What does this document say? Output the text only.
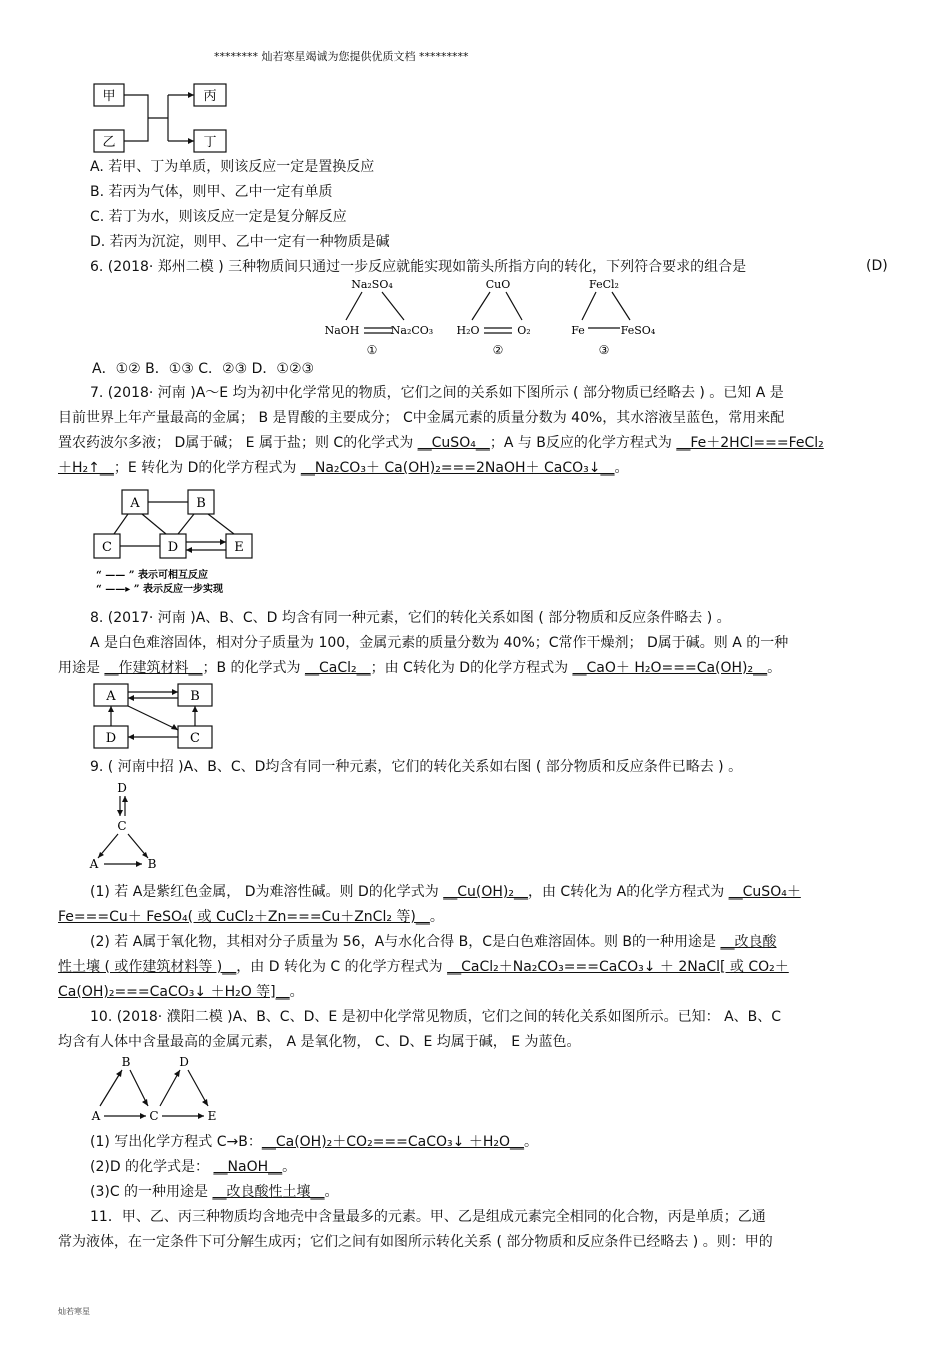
******** 灿若寒星竭诚为您提供优质文档 *********
甲
乙
丙
丁
A. 若甲、丁为单质，则该反应一定是置换反应
B. 若丙为气体，则甲、乙中一定有单质
C. 若丁为水，则该反应一定是复分解反应
D. 若丙为沉淀，则甲、乙中一定有一种物质是碱
6. (2018· 郑州二模 ) 三种物质间只通过一步反应就能实现如箭头所指方向的转化，下列符合要求的组合是	(D)
Na₂SO₄
NaOH	Na₂CO₃
①
CuO
H₂O	O₂
②
FeCl₂
Fe	FeSO₄
③
A．①② B．①③ C．②③ D．①②③
7. (2018· 河南 )A～E 均为初中化学常见的物质，它们之间的关系如下图所示 ( 部分物质已经略去 ) 。已知 A 是
目前世界上年产量最高的金属； B 是胃酸的主要成分； C中金属元素的质量分数为 40%，其水溶液呈蓝色，常用来配
置农药波尔多液； D属于碱； E 属于盐；则 C的化学式为 __CuSO₄__；A 与 B反应的化学方程式为 __Fe＋2HCl===FeCl₂
＋H₂↑__；E 转化为 D的化学方程式为 __Na₂CO₃＋ Ca(OH)₂===2NaOH＋ CaCO₃↓__。
A	B
C	D	E
“ —— ” 表示可相互反应
“ ——▸ ” 表示反应一步实现
8. (2017· 河南 )A、B、C、D 均含有同一种元素，它们的转化关系如图 ( 部分物质和反应条件略去 ) 。
A 是白色难溶固体，相对分子质量为 100，金属元素的质量分数为 40%；C常作干燥剂； D属于碱。则 A 的一种
用途是 __作建筑材料__；B 的化学式为 __CaCl₂__；由 C转化为 D的化学方程式为 __CaO＋ H₂O===Ca(OH)₂__。
A	B
D	C
9. ( 河南中招 )A、B、C、D均含有同一种元素，它们的转化关系如右图 ( 部分物质和反应条件已略去 ) 。
D
C
A	B
(1) 若 A是紫红色金属， D为难溶性碱。则 D的化学式为 __Cu(OH)₂__，由 C转化为 A的化学方程式为 __CuSO₄＋
Fe===Cu＋ FeSO₄( 或 CuCl₂＋Zn===Cu＋ZnCl₂ 等)__。
(2) 若 A属于氧化物，其相对分子质量为 56，A与水化合得 B，C是白色难溶固体。则 B的一种用途是 __改良酸
性土壤 ( 或作建筑材料等 )__，由 D 转化为 C 的化学方程式为 __CaCl₂＋Na₂CO₃===CaCO₃↓ ＋ 2NaCl[ 或 CO₂＋
Ca(OH)₂===CaCO₃↓ ＋H₂O 等]__。
10. (2018· 濮阳二模 )A、B、C、D、E 是初中化学常见物质，它们之间的转化关系如图所示。已知： A、B、C
均含有人体中含量最高的金属元素， A 是氧化物， C、D、E 均属于碱， E 为蓝色。
B	D
A	C	E
(1) 写出化学方程式 C→B：__Ca(OH)₂＋CO₂===CaCO₃↓ ＋H₂O__。
(2)D 的化学式是： __NaOH__。
(3)C 的一种用途是 __改良酸性土壤__。
11．甲、乙、丙三种物质均含地壳中含量最多的元素。甲、乙是组成元素完全相同的化合物，丙是单质；乙通
常为液体，在一定条件下可分解生成丙；它们之间有如图所示转化关系 ( 部分物质和反应条件已经略去 ) 。则：甲的
灿若寒星
